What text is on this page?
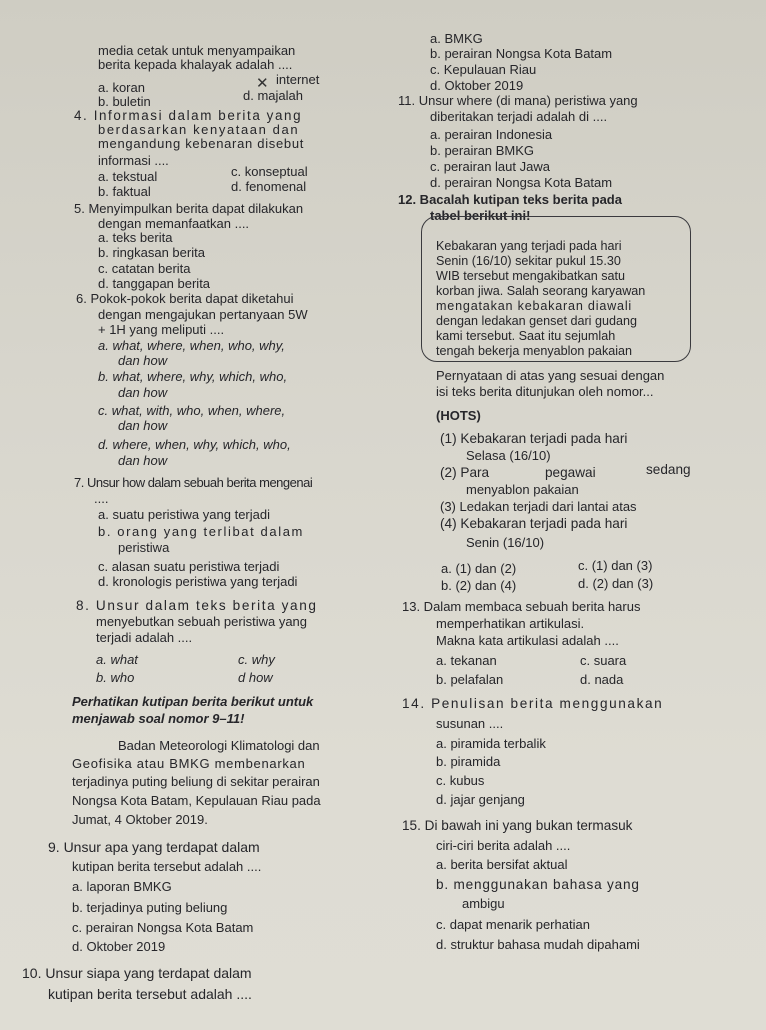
media cetak untuk menyampaikan
berita kepada khalayak adalah ....
a. koran	✕ internet
b. buletin	d. majalah
4. Informasi dalam berita yang
berdasarkan kenyataan dan
mengandung kebenaran disebut
informasi ....
a. tekstual	c. konseptual
b. faktual	d. fenomenal
5. Menyimpulkan berita dapat dilakukan
dengan memanfaatkan ....
a. teks berita
b. ringkasan berita
c. catatan berita
d. tanggapan berita
6. Pokok-pokok berita dapat diketahui
dengan mengajukan pertanyaan 5W
+ 1H yang meliputi ....
a. what, where, when, who, why,
dan how
b. what, where, why, which, who,
dan how
c. what, with, who, when, where,
dan how
d. where, when, why, which, who,
dan how
7. Unsur how dalam sebuah berita mengenai
....
a. suatu peristiwa yang terjadi
b. orang yang terlibat dalam
peristiwa
c. alasan suatu peristiwa terjadi
d. kronologis peristiwa yang terjadi
8. Unsur dalam teks berita yang
menyebutkan sebuah peristiwa yang
terjadi adalah ....
a. what	c. why
b. who	d how
Perhatikan kutipan berita berikut untuk
menjawab soal nomor 9–11!
Badan Meteorologi Klimatologi dan
Geofisika atau BMKG membenarkan
terjadinya puting beliung di sekitar perairan
Nongsa Kota Batam, Kepulauan Riau pada
Jumat, 4 Oktober 2019.
9. Unsur apa yang terdapat dalam
kutipan berita tersebut adalah ....
a. laporan BMKG
b. terjadinya puting beliung
c. perairan Nongsa Kota Batam
d. Oktober 2019
10. Unsur siapa yang terdapat dalam
kutipan berita tersebut adalah ....
a. BMKG
b. perairan Nongsa Kota Batam
c. Kepulauan Riau
d. Oktober 2019
11. Unsur where (di mana) peristiwa yang
diberitakan terjadi adalah di ....
a. perairan Indonesia
b. perairan BMKG
c. perairan laut Jawa
d. perairan Nongsa Kota Batam
12. Bacalah kutipan teks berita pada
tabel berikut ini!
Kebakaran yang terjadi pada hari
Senin (16/10) sekitar pukul 15.30
WIB tersebut mengakibatkan satu
korban jiwa. Salah seorang karyawan
mengatakan kebakaran diawali
dengan ledakan genset dari gudang
kami tersebut. Saat itu sejumlah
tengah bekerja menyablon pakaian
Pernyataan di atas yang sesuai dengan
isi teks berita ditunjukan oleh nomor...
(HOTS)
(1) Kebakaran terjadi pada hari
Selasa (16/10)
(2) Para	pegawai	sedang
menyablon pakaian
(3) Ledakan terjadi dari lantai atas
(4) Kebakaran terjadi pada hari
Senin (16/10)
a. (1) dan (2)	c. (1) dan (3)
b. (2) dan (4)	d. (2) dan (3)
13. Dalam membaca sebuah berita harus
memperhatikan artikulasi.
Makna kata artikulasi adalah ....
a. tekanan	c. suara
b. pelafalan	d. nada
14. Penulisan berita menggunakan
susunan ....
a. piramida terbalik
b. piramida
c. kubus
d. jajar genjang
15. Di bawah ini yang bukan termasuk
ciri-ciri berita adalah ....
a. berita bersifat aktual
b. menggunakan bahasa yang
ambigu
c. dapat menarik perhatian
d. struktur bahasa mudah dipahami
